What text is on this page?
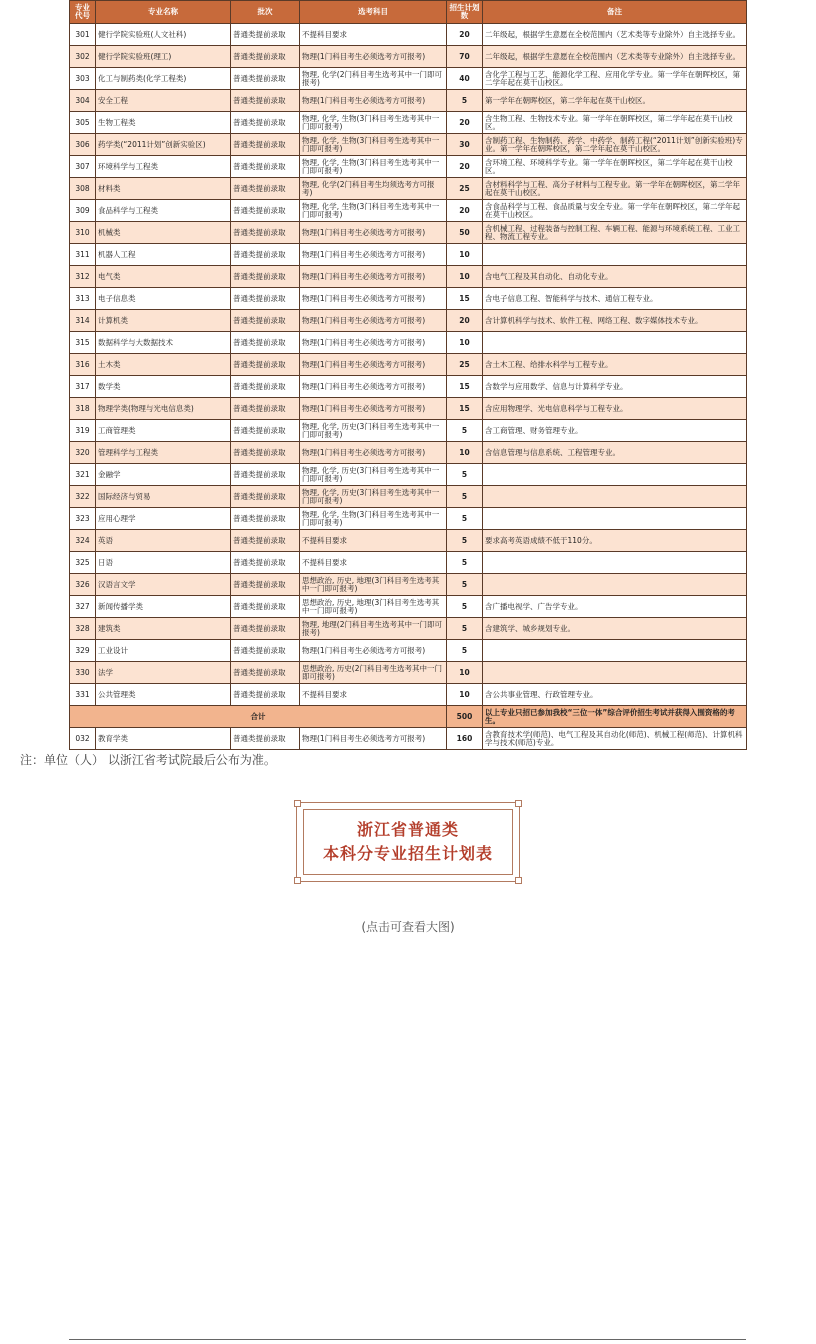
专业代号	专业名称	批次	选考科目	招生计划数	备注
301	健行学院实验班(人文社科)	普通类提前录取	不提科目要求	20	二年级起，根据学生意愿在全校范围内（艺术类等专业除外）自主选择专业。
302	健行学院实验班(理工)	普通类提前录取	物理(1门科目考生必须选考方可报考)	70	二年级起，根据学生意愿在全校范围内（艺术类等专业除外）自主选择专业。
303	化工与制药类(化学工程类)	普通类提前录取	物理, 化学(2门科目考生选考其中一门即可报考)	40	含化学工程与工艺、能源化学工程、应用化学专业。第一学年在朝晖校区，第二学年起在莫干山校区。
304	安全工程	普通类提前录取	物理(1门科目考生必须选考方可报考)	5	第一学年在朝晖校区，第二学年起在莫干山校区。
305	生物工程类	普通类提前录取	物理, 化学, 生物(3门科目考生选考其中一门即可报考)	20	含生物工程、生物技术专业。第一学年在朝晖校区，第二学年起在莫干山校区。
306	药学类(“2011计划”创新实验区)	普通类提前录取	物理, 化学, 生物(3门科目考生选考其中一门即可报考)	30	含制药工程、生物制药、药学、中药学、制药工程(“2011计划”创新实验班)专业。第一学年在朝晖校区，第二学年起在莫干山校区。
307	环境科学与工程类	普通类提前录取	物理, 化学, 生物(3门科目考生选考其中一门即可报考)	20	含环境工程、环境科学专业。第一学年在朝晖校区，第二学年起在莫干山校区。
308	材料类	普通类提前录取	物理, 化学(2门科目考生均须选考方可报考)	25	含材料科学与工程、高分子材料与工程专业。第一学年在朝晖校区，第二学年起在莫干山校区。
309	食品科学与工程类	普通类提前录取	物理, 化学, 生物(3门科目考生选考其中一门即可报考)	20	含食品科学与工程、食品质量与安全专业。第一学年在朝晖校区，第二学年起在莫干山校区。
310	机械类	普通类提前录取	物理(1门科目考生必须选考方可报考)	50	含机械工程、过程装备与控制工程、车辆工程、能源与环境系统工程、工业工程、物流工程专业。
311	机器人工程	普通类提前录取	物理(1门科目考生必须选考方可报考)	10	
312	电气类	普通类提前录取	物理(1门科目考生必须选考方可报考)	10	含电气工程及其自动化、自动化专业。
313	电子信息类	普通类提前录取	物理(1门科目考生必须选考方可报考)	15	含电子信息工程、智能科学与技术、通信工程专业。
314	计算机类	普通类提前录取	物理(1门科目考生必须选考方可报考)	20	含计算机科学与技术、软件工程、网络工程、数字媒体技术专业。
315	数据科学与大数据技术	普通类提前录取	物理(1门科目考生必须选考方可报考)	10	
316	土木类	普通类提前录取	物理(1门科目考生必须选考方可报考)	25	含土木工程、给排水科学与工程专业。
317	数学类	普通类提前录取	物理(1门科目考生必须选考方可报考)	15	含数学与应用数学、信息与计算科学专业。
318	物理学类(物理与光电信息类)	普通类提前录取	物理(1门科目考生必须选考方可报考)	15	含应用物理学、光电信息科学与工程专业。
319	工商管理类	普通类提前录取	物理, 化学, 历史(3门科目考生选考其中一门即可报考)	5	含工商管理、财务管理专业。
320	管理科学与工程类	普通类提前录取	物理(1门科目考生必须选考方可报考)	10	含信息管理与信息系统、工程管理专业。
321	金融学	普通类提前录取	物理, 化学, 历史(3门科目考生选考其中一门即可报考)	5	
322	国际经济与贸易	普通类提前录取	物理, 化学, 历史(3门科目考生选考其中一门即可报考)	5	
323	应用心理学	普通类提前录取	物理, 化学, 生物(3门科目考生选考其中一门即可报考)	5	
324	英语	普通类提前录取	不提科目要求	5	要求高考英语成绩不低于110分。
325	日语	普通类提前录取	不提科目要求	5	
326	汉语言文学	普通类提前录取	思想政治, 历史, 地理(3门科目考生选考其中一门即可报考)	5	
327	新闻传播学类	普通类提前录取	思想政治, 历史, 地理(3门科目考生选考其中一门即可报考)	5	含广播电视学、广告学专业。
328	建筑类	普通类提前录取	物理, 地理(2门科目考生选考其中一门即可报考)	5	含建筑学、城乡规划专业。
329	工业设计	普通类提前录取	物理(1门科目考生必须选考方可报考)	5	
330	法学	普通类提前录取	思想政治, 历史(2门科目考生选考其中一门即可报考)	10	
331	公共管理类	普通类提前录取	不提科目要求	10	含公共事业管理、行政管理专业。
合计				500	以上专业只招已参加我校“三位一体”综合评价招生考试并获得入围资格的考生。
032	教育学类	普通类提前录取	物理(1门科目考生必须选考方可报考)	160	含教育技术学(师范)、电气工程及其自动化(师范)、机械工程(师范)、计算机科学与技术(师范)专业。
注：单位（人） 以浙江省考试院最后公布为准。
浙江省普通类
本科分专业招生计划表
(点击可查看大图)
